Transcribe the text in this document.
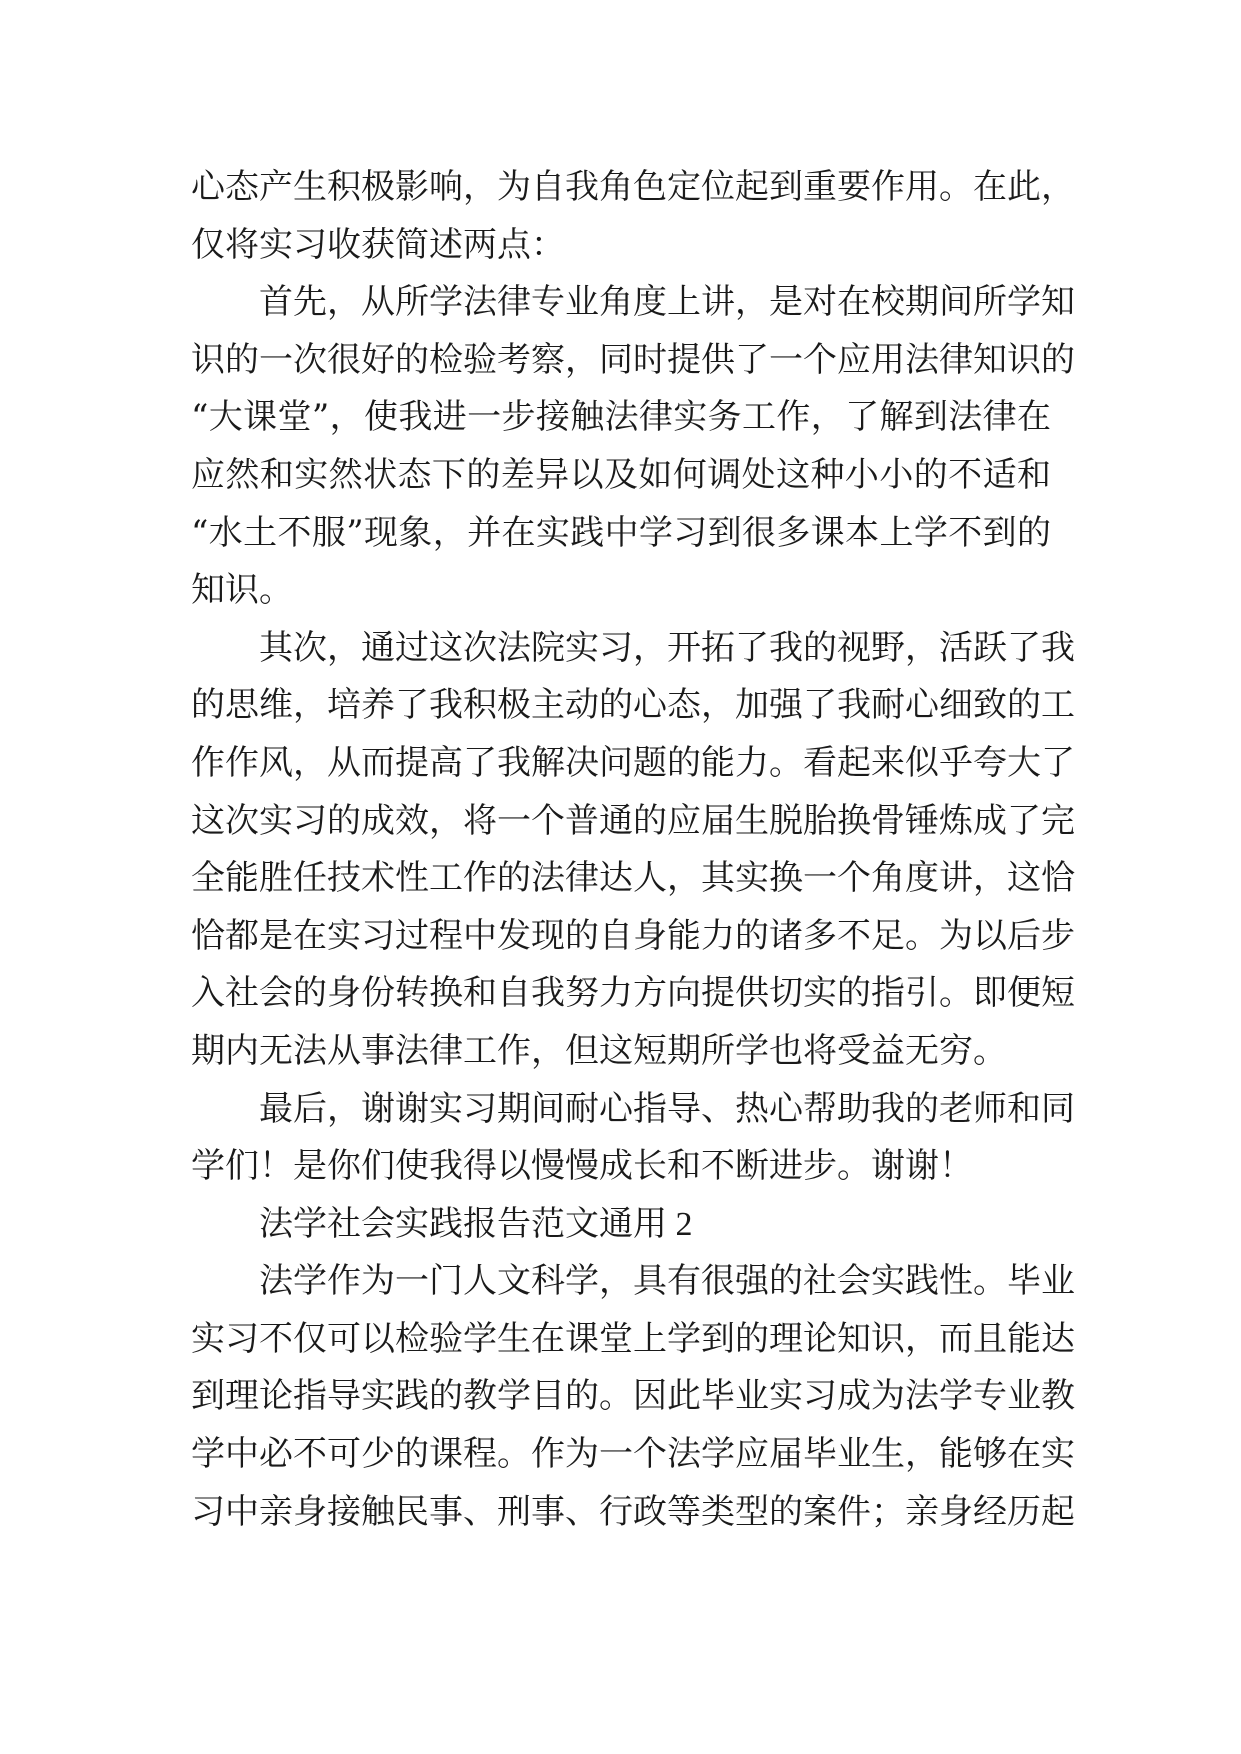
心态产生积极影响，为自我角色定位起到重要作用。在此，
仅将实习收获简述两点：
首先，从所学法律专业角度上讲，是对在校期间所学知
识的一次很好的检验考察，同时提供了一个应用法律知识的
“大课堂”，使我进一步接触法律实务工作，了解到法律在
应然和实然状态下的差异以及如何调处这种小小的不适和
“水土不服”现象，并在实践中学习到很多课本上学不到的
知识。
其次，通过这次法院实习，开拓了我的视野，活跃了我
的思维，培养了我积极主动的心态，加强了我耐心细致的工
作作风，从而提高了我解决问题的能力。看起来似乎夸大了
这次实习的成效，将一个普通的应届生脱胎换骨锤炼成了完
全能胜任技术性工作的法律达人，其实换一个角度讲，这恰
恰都是在实习过程中发现的自身能力的诸多不足。为以后步
入社会的身份转换和自我努力方向提供切实的指引。即便短
期内无法从事法律工作，但这短期所学也将受益无穷。
最后，谢谢实习期间耐心指导、热心帮助我的老师和同
学们！是你们使我得以慢慢成长和不断进步。谢谢！
法学社会实践报告范文通用 2
法学作为一门人文科学，具有很强的社会实践性。毕业
实习不仅可以检验学生在课堂上学到的理论知识，而且能达
到理论指导实践的教学目的。因此毕业实习成为法学专业教
学中必不可少的课程。作为一个法学应届毕业生，能够在实
习中亲身接触民事、刑事、行政等类型的案件；亲身经历起
